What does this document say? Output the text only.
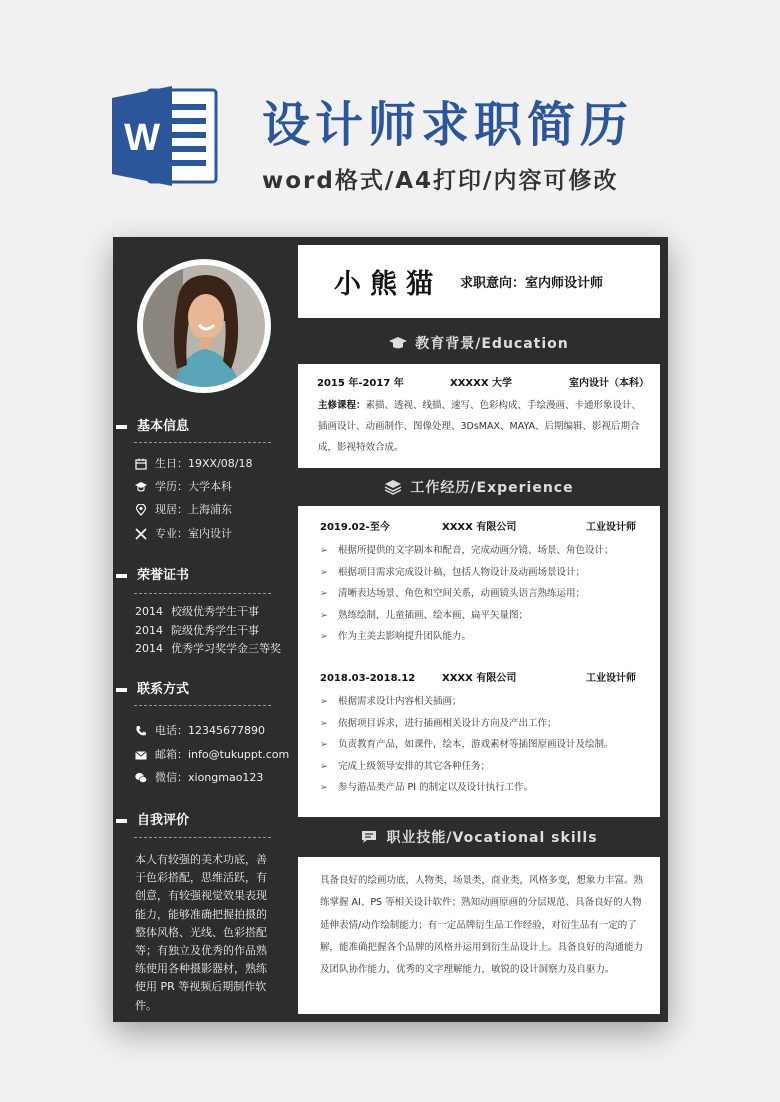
W 设计师求职简历
word格式/A4打印/内容可修改
基本信息
生日：19XX/08/18
学历：大学本科
现居：上海浦东
专业：室内设计
荣誉证书
2014 校级优秀学生干事
2014 院级优秀学生干事
2014 优秀学习奖学金三等奖
联系方式
电话：12345677890
邮箱：info@tukuppt.com
微信：xiongmao123
自我评价
本人有较强的美术功底，善于色彩搭配，思维活跃，有创意，有较强视觉效果表现能力，能够准确把握拍摄的整体风格、光线、色彩搭配等；有独立及优秀的作品熟练使用各种摄影器材，熟练使用 PR 等视频后期制作软件。
小熊猫 求职意向：室内师设计师
教育背景/Education
2015 年-2017 年	XXXXX 大学	室内设计（本科）
主修课程：素描、透视、线描、速写、色彩构成、手绘漫画、卡通形象设计、插画设计、动画制作、图像处理、3DsMAX、MAYA、后期编辑、影视后期合成，影视特效合成。
工作经历/Experience
2019.02-至今	XXXX 有限公司	工业设计师
➢ 根据所提供的文字剧本和配音，完成动画分镜、场景、角色设计；
➢ 根据项目需求完成设计稿，包括人物设计及动画场景设计；
➢ 清晰表达场景、角色和空间关系，动画镜头语言熟练运用；
➢ 熟练绘制，儿童插画、绘本画、扁平矢量图；
➢ 作为主美去影响提升团队能力。
2018.03-2018.12	XXXX 有限公司	工业设计师
➢ 根据需求设计内容相关插画；
➢ 依据项目诉求，进行插画相关设计方向及产出工作；
➢ 负责教育产品，如课件，绘本，游戏素材等插图原画设计及绘制。
➢ 完成上级领导安排的其它各种任务；
➢ 参与游品类产品 PI 的制定以及设计执行工作。
职业技能/Vocational skills
具备良好的绘画功底，人物类，场景类，商业类，风格多变，想象力丰富。熟练掌握 AI、PS 等相关设计软件；熟知动画原画的分层规范、具备良好的人物延伸表情/动作绘制能力；有一定品牌衍生品工作经验，对衍生品有一定的了解，能准确把握各个品牌的风格并运用到衍生品设计上。具备良好的沟通能力及团队协作能力，优秀的文字理解能力，敏锐的设计洞察力及自驱力。
